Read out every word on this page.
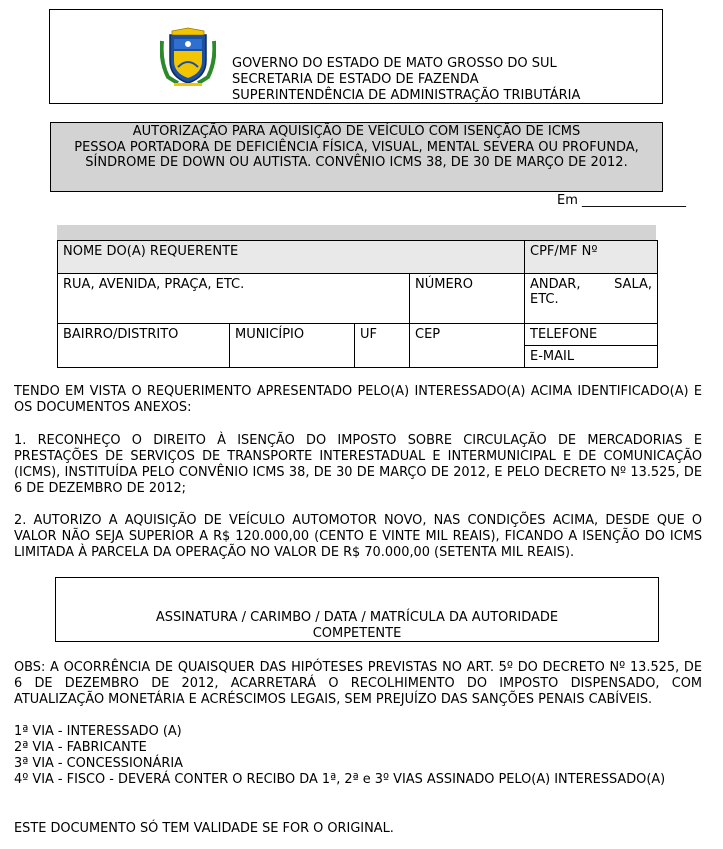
GOVERNO DO ESTADO DE MATO GROSSO DO SUL
SECRETARIA DE ESTADO DE FAZENDA
SUPERINTENDÊNCIA DE ADMINISTRAÇÃO TRIBUTÁRIA
AUTORIZAÇÃO PARA AQUISIÇÃO DE VEÍCULO COM ISENÇÃO DE ICMS
PESSOA PORTADORA DE DEFICIÊNCIA FÍSICA, VISUAL, MENTAL SEVERA OU PROFUNDA,
SÍNDROME DE DOWN OU AUTISTA. CONVÊNIO ICMS 38, DE 30 DE MARÇO DE 2012.
Em ________________
NOME DO(A) REQUERENTE				CPF/MF Nº
RUA, AVENIDA, PRAÇA, ETC.			NÚMERO	ANDAR, SALA,
ETC.

BAIRRO/DISTRITO	MUNICÍPIO	UF	CEP	TELEFONE
				E-MAIL
TENDO EM VISTA O REQUERIMENTO APRESENTADO PELO(A) INTERESSADO(A) ACIMA IDENTIFICADO(A) E OS DOCUMENTOS ANEXOS:
1. RECONHEÇO O DIREITO À ISENÇÃO DO IMPOSTO SOBRE CIRCULAÇÃO DE MERCADORIAS E PRESTAÇÕES DE SERVIÇOS DE TRANSPORTE INTERESTADUAL E INTERMUNICIPAL E DE COMUNICAÇÃO (ICMS), INSTITUÍDA PELO CONVÊNIO ICMS 38, DE 30 DE MARÇO DE 2012, E PELO DECRETO Nº 13.525, DE 6 DE DEZEMBRO DE 2012;
2. AUTORIZO A AQUISIÇÃO DE VEÍCULO AUTOMOTOR NOVO, NAS CONDIÇÕES ACIMA, DESDE QUE O VALOR NÃO SEJA SUPERIOR A R$ 120.000,00 (CENTO E VINTE MIL REAIS), FICANDO A ISENÇÃO DO ICMS LIMITADA À PARCELA DA OPERAÇÃO NO VALOR DE R$ 70.000,00 (SETENTA MIL REAIS).
ASSINATURA / CARIMBO / DATA / MATRÍCULA DA AUTORIDADE
COMPETENTE
OBS: A OCORRÊNCIA DE QUAISQUER DAS HIPÓTESES PREVISTAS NO ART. 5º DO DECRETO Nº 13.525, DE 6 DE DEZEMBRO DE 2012, ACARRETARÁ O RECOLHIMENTO DO IMPOSTO DISPENSADO, COM ATUALIZAÇÃO MONETÁRIA E ACRÉSCIMOS LEGAIS, SEM PREJUÍZO DAS SANÇÕES PENAIS CABÍVEIS.
1ª VIA - INTERESSADO (A)
2ª VIA - FABRICANTE
3ª VIA - CONCESSIONÁRIA
4º VIA - FISCO - DEVERÁ CONTER O RECIBO DA 1ª, 2ª e 3º VIAS ASSINADO PELO(A) INTERESSADO(A)
ESTE DOCUMENTO SÓ TEM VALIDADE SE FOR O ORIGINAL.
